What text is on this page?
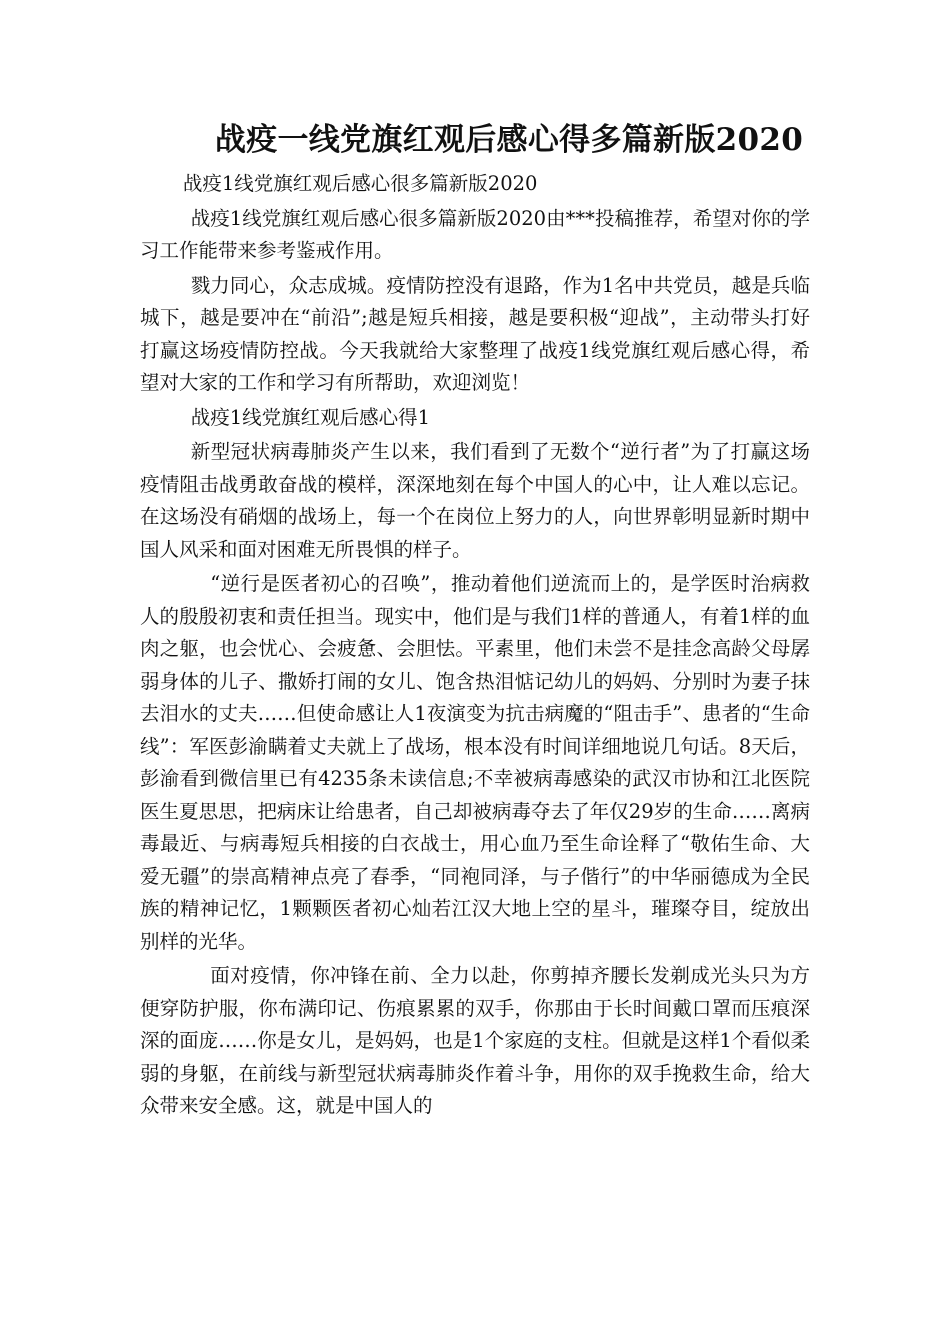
战疫一线党旗红观后感心得多篇新版2020

战疫1线党旗红观后感心很多篇新版2020

战疫1线党旗红观后感心很多篇新版2020由***投稿推荐，希望对你的学习工作能带来参考鉴戒作用。

戮力同心，众志成城。疫情防控没有退路，作为1名中共党员，越是兵临城下，越是要冲在“前沿”;越是短兵相接，越是要积极“迎战”，主动带头打好打赢这场疫情防控战。今天我就给大家整理了战疫1线党旗红观后感心得，希望对大家的工作和学习有所帮助，欢迎浏览！

战疫1线党旗红观后感心得1

新型冠状病毒肺炎产生以来，我们看到了无数个“逆行者”为了打赢这场疫情阻击战勇敢奋战的模样，深深地刻在每个中国人的心中，让人难以忘记。在这场没有硝烟的战场上，每一个在岗位上努力的人，向世界彰明显新时期中国人风采和面对困难无所畏惧的样子。

“逆行是医者初心的召唤”，推动着他们逆流而上的，是学医时治病救人的殷殷初衷和责任担当。现实中，他们是与我们1样的普通人，有着1样的血肉之躯，也会忧心、会疲惫、会胆怯。平素里，他们未尝不是挂念高龄父母孱弱身体的儿子、撒娇打闹的女儿、饱含热泪惦记幼儿的妈妈、分别时为妻子抹去泪水的丈夫……但使命感让人1夜演变为抗击病魔的“阻击手”、患者的“生命线”：军医彭渝瞒着丈夫就上了战场，根本没有时间详细地说几句话。8天后，彭渝看到微信里已有4235条未读信息;不幸被病毒感染的武汉市协和江北医院医生夏思思，把病床让给患者，自己却被病毒夺去了年仅29岁的生命……离病毒最近、与病毒短兵相接的白衣战士，用心血乃至生命诠释了“敬佑生命、大爱无疆”的崇高精神点亮了春季，“同袍同泽，与子偕行”的中华丽德成为全民族的精神记忆，1颗颗医者初心灿若江汉大地上空的星斗，璀璨夺目，绽放出别样的光华。

面对疫情，你冲锋在前、全力以赴，你剪掉齐腰长发剃成光头只为方便穿防护服，你布满印记、伤痕累累的双手，你那由于长时间戴口罩而压痕深深的面庞……你是女儿，是妈妈，也是1个家庭的支柱。但就是这样1个看似柔弱的身躯，在前线与新型冠状病毒肺炎作着斗争，用你的双手挽救生命，给大众带来安全感。这，就是中国人的
